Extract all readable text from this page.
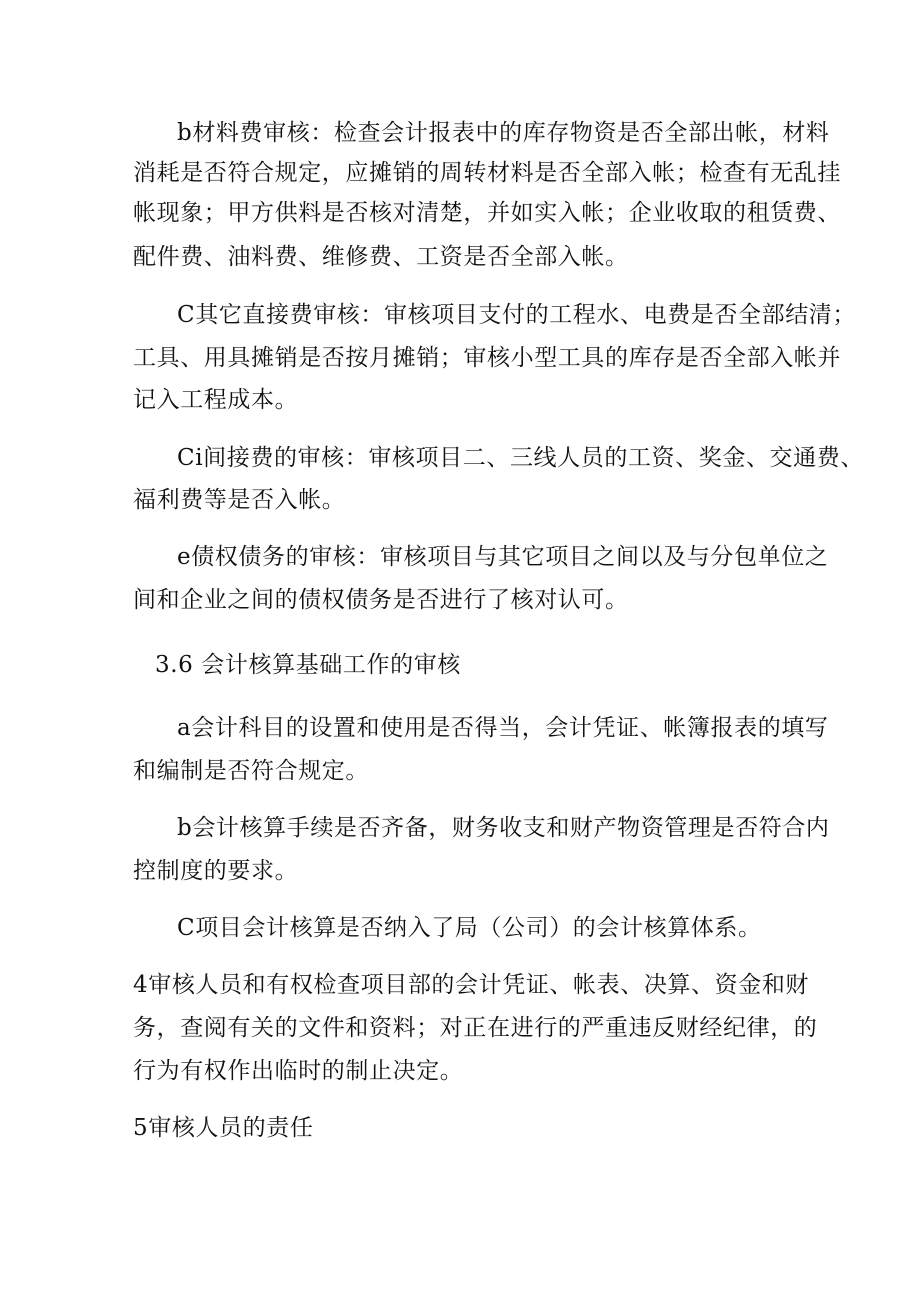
b材料费审核：检查会计报表中的库存物资是否全部出帐，材料
消耗是否符合规定，应摊销的周转材料是否全部入帐；检查有无乱挂
帐现象；甲方供料是否核对清楚，并如实入帐；企业收取的租赁费、
配件费、油料费、维修费、工资是否全部入帐。
C其它直接费审核：审核项目支付的工程水、电费是否全部结清；
工具、用具摊销是否按月摊销；审核小型工具的库存是否全部入帐并
记入工程成本。
Ci间接费的审核：审核项目二、三线人员的工资、奖金、交通费、
福利费等是否入帐。
e债权债务的审核：审核项目与其它项目之间以及与分包单位之
间和企业之间的债权债务是否进行了核对认可。
3.6 会计核算基础工作的审核
a会计科目的设置和使用是否得当，会计凭证、帐簿报表的填写
和编制是否符合规定。
b会计核算手续是否齐备，财务收支和财产物资管理是否符合内
控制度的要求。
C项目会计核算是否纳入了局（公司）的会计核算体系。
4审核人员和有权检查项目部的会计凭证、帐表、决算、资金和财
务，查阅有关的文件和资料；对正在进行的严重违反财经纪律，的
行为有权作出临时的制止决定。
5审核人员的责任
